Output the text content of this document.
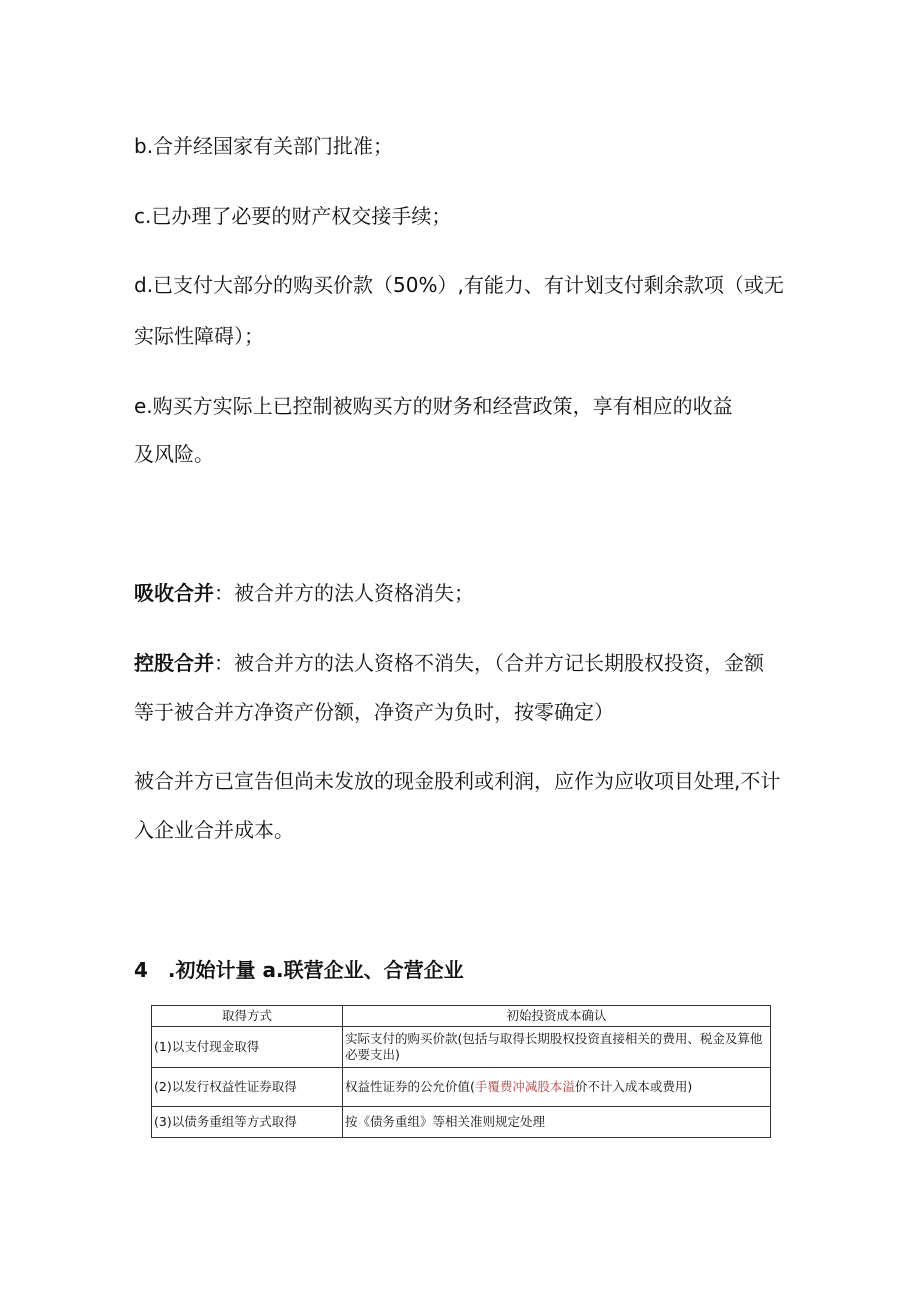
b.合并经国家有关部门批准；
c.已办理了必要的财产权交接手续；
d.已支付大部分的购买价款（50%）,有能力、有计划支付剩余款项（或无
实际性障碍）；
e.购买方实际上已控制被购买方的财务和经营政策，享有相应的收益
及风险。
吸收合并：被合并方的法人资格消失；
控股合并：被合并方的法人资格不消失，（合并方记长期股权投资，金额
等于被合并方净资产份额，净资产为负时，按零确定）
被合并方已宣告但尚未发放的现金股利或利润，应作为应收项目处理,不计
入企业合并成本。
4　.初始计量 a.联营企业、合营企业
取得方式	初始投资成本确认
(1)以支付现金取得	实际支付的购买价款(包括与取得长期股权投资直接相关的费用、税金及算他必要支出)
(2)以发行权益性证券取得	权益性证券的公允价值(手覆费冲减股本溢价不计入成本或费用)
(3)以债务重组等方式取得	按《债务重组》等相关准则规定处理
